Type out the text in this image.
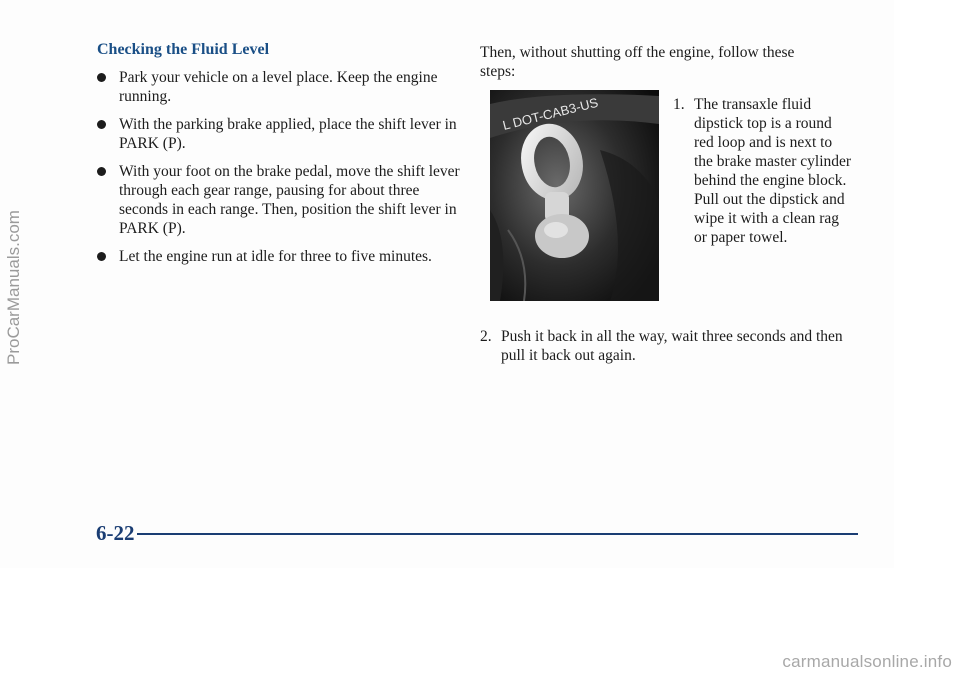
ProCarManuals.com
Checking the Fluid Level
Park your vehicle on a level place. Keep the engine running.
With the parking brake applied, place the shift lever in PARK (P).
With your foot on the brake pedal, move the shift lever through each gear range, pausing for about three seconds in each range. Then, position the shift lever in PARK (P).
Let the engine run at idle for three to five minutes.
Then, without shutting off the engine, follow these steps:
L DOT-CAB3-US	1. The transaxle fluid dipstick top is a round red loop and is next to the brake master cylinder behind the engine block. Pull out the dipstick and wipe it with a clean rag or paper towel.
2. Push it back in all the way, wait three seconds and then pull it back out again.
6-22
carmanualsonline.info
